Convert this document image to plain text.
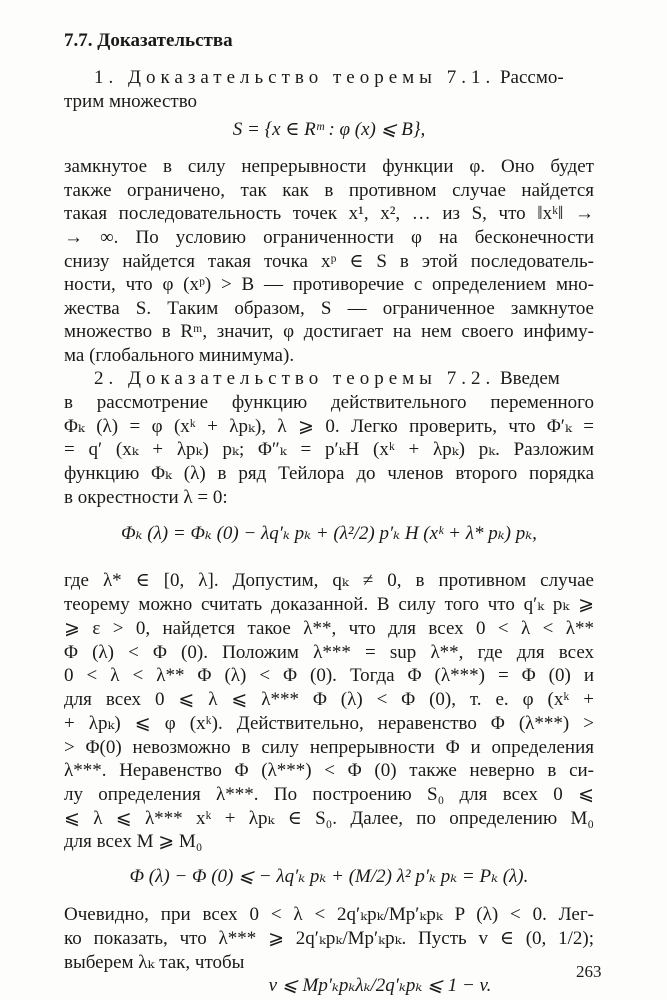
7.7. Доказательства
1. Доказательство теоремы 7.1. Рассмо-
трим множество
S = {x ∈ Rᵐ : φ (x) ⩽ B},
замкнутое в силу непрерывности функции φ. Оно будет
также ограничено, так как в противном случае найдется
такая последовательность точек x¹, x², … из S, что ‖xᵏ‖ →
→ ∞. По условию ограниченности φ на бесконечности
снизу найдется такая точка xᵖ ∈ S в этой последователь-
ности, что φ (xᵖ) > B — противоречие с определением мно-
жества S. Таким образом, S — ограниченное замкнутое
множество в Rᵐ, значит, φ достигает на нем своего инфиму-
ма (глобального минимума).
2. Доказательство теоремы 7.2. Введем
в рассмотрение функцию действительного переменного
Φₖ (λ) = φ (xᵏ + λpₖ), λ ⩾ 0. Легко проверить, что Φ′ₖ =
= q′ (xₖ + λpₖ) pₖ; Φ″ₖ = p′ₖH (xᵏ + λpₖ) pₖ. Разложим
функцию Φₖ (λ) в ряд Тейлора до членов второго порядка
в окрестности λ = 0:
Φₖ (λ) = Φₖ (0) − λq′ₖ pₖ + (λ²/2) p′ₖ H (xᵏ + λ* pₖ) pₖ,
где λ* ∈ [0, λ]. Допустим, qₖ ≠ 0, в противном случае
теорему можно считать доказанной. В силу того что q′ₖ pₖ ⩾
⩾ ε > 0, найдется такое λ**, что для всех 0 < λ < λ**
Φ (λ) < Φ (0). Положим λ*** = sup λ**, где для всех
0 < λ < λ** Φ (λ) < Φ (0). Тогда Φ (λ***) = Φ (0) и
для всех 0 ⩽ λ ⩽ λ*** Φ (λ) < Φ (0), т. е. φ (xᵏ +
+ λpₖ) ⩽ φ (xᵏ). Действительно, неравенство Φ (λ***) >
> Φ(0) невозможно в силу непрерывности Φ и определения
λ***. Неравенство Φ (λ***) < Φ (0) также неверно в си-
лу определения λ***. По построению S₀ для всех 0 ⩽
⩽ λ ⩽ λ*** xᵏ + λpₖ ∈ S₀. Далее, по определению M₀
для всех M ⩾ M₀
Φ (λ) − Φ (0) ⩽ − λq′ₖ pₖ + (M/2) λ² p′ₖ pₖ = Pₖ (λ).
Очевидно, при всех 0 < λ < 2q′ₖpₖ/Mp′ₖpₖ P (λ) < 0. Лег-
ко показать, что λ*** ⩾ 2q′ₖpₖ/Mp′ₖpₖ. Пусть v ∈ (0, 1/2);
выберем λₖ так, чтобы
v ⩽ Mp′ₖpₖλₖ/2q′ₖpₖ ⩽ 1 − v.
263
